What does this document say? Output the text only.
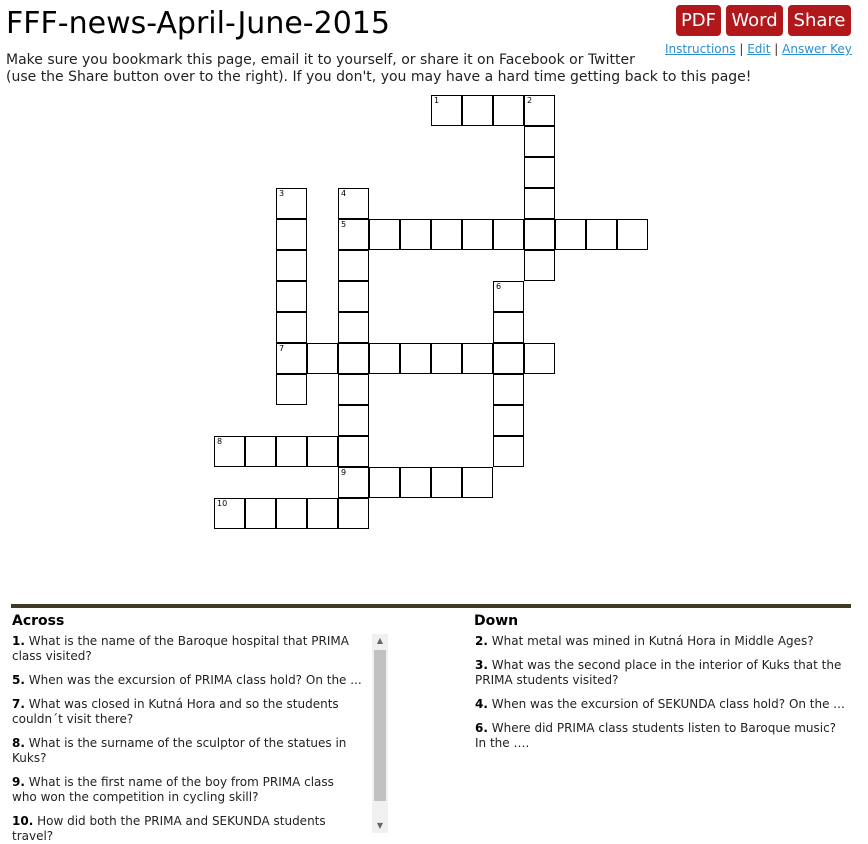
FFF-news-April-June-2015
Make sure you bookmark this page, email it to yourself, or share it on Facebook or Twitter
(use the Share button over to the right). If you don't, you may have a hard time getting back to this page!
PDF Word Share
Instructions | Edit | Answer Key
1	2
3	4
5
6
7
8
9
10
Across	Down
1. What is the name of the Baroque hospital that PRIMA class visited?
5. When was the excursion of PRIMA class hold? On the ...
7. What was closed in Kutná Hora and so the students couldn´t visit there?
8. What is the surname of the sculptor of the statues in Kuks?
9. What is the first name of the boy from PRIMA class who won the competition in cycling skill?
10. How did both the PRIMA and SEKUNDA students travel?
▲
▼
2. What metal was mined in Kutná Hora in Middle Ages?
3. What was the second place in the interior of Kuks that the PRIMA students visited?
4. When was the excursion of SEKUNDA class hold? On the ...
6. Where did PRIMA class students listen to Baroque music? In the ….
